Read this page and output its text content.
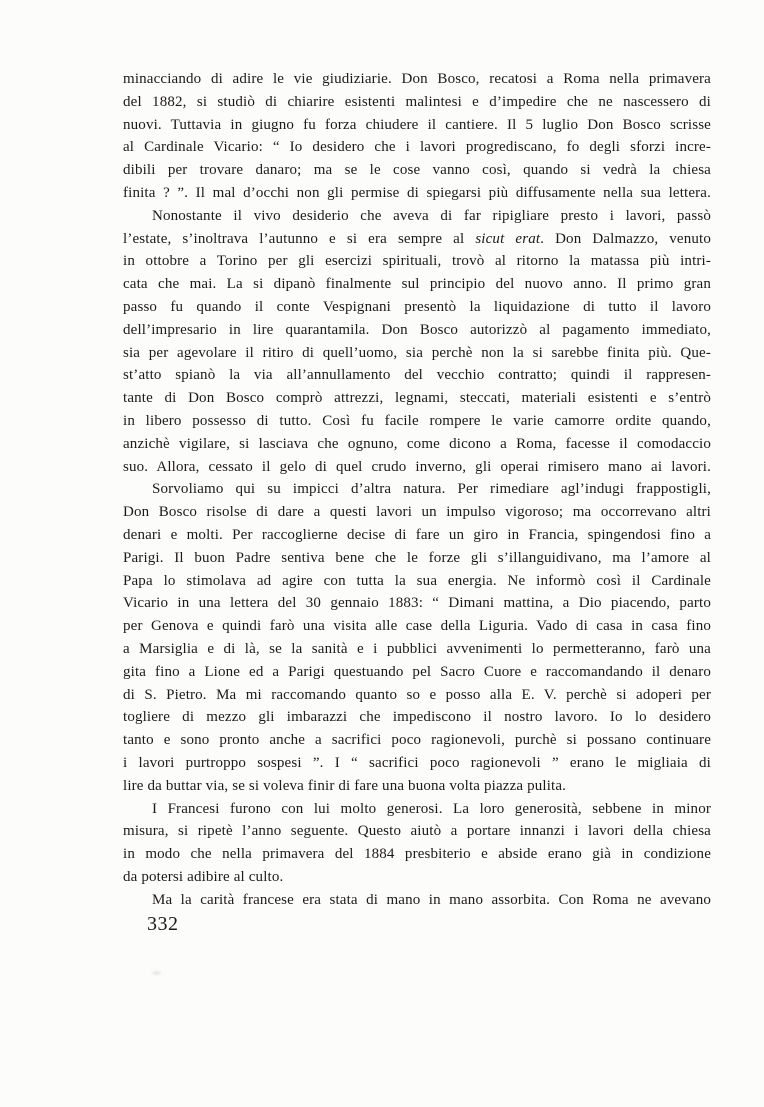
minacciando di adire le vie giudiziarie. Don Bosco, recatosi a Roma nella primavera
del 1882, si studiò di chiarire esistenti malintesi e d’impedire che ne nascessero di
nuovi. Tuttavia in giugno fu forza chiudere il cantiere. Il 5 luglio Don Bosco scrisse
al Cardinale Vicario: “ Io desidero che i lavori progrediscano, fo degli sforzi incre-
dibili per trovare danaro; ma se le cose vanno così, quando si vedrà la chiesa
finita ? ”. Il mal d’occhi non gli permise di spiegarsi più diffusamente nella sua lettera.
Nonostante il vivo desiderio che aveva di far ripigliare presto i lavori, passò
l’estate, s’inoltrava l’autunno e si era sempre al sicut erat. Don Dalmazzo, venuto
in ottobre a Torino per gli esercizi spirituali, trovò al ritorno la matassa più intri-
cata che mai. La si dipanò finalmente sul principio del nuovo anno. Il primo gran
passo fu quando il conte Vespignani presentò la liquidazione di tutto il lavoro
dell’impresario in lire quarantamila. Don Bosco autorizzò al pagamento immediato,
sia per agevolare il ritiro di quell’uomo, sia perchè non la si sarebbe finita più. Que-
st’atto spianò la via all’annullamento del vecchio contratto; quindi il rappresen-
tante di Don Bosco comprò attrezzi, legnami, steccati, materiali esistenti e s’entrò
in libero possesso di tutto. Così fu facile rompere le varie camorre ordite quando,
anzichè vigilare, si lasciava che ognuno, come dicono a Roma, facesse il comodaccio
suo. Allora, cessato il gelo di quel crudo inverno, gli operai rimisero mano ai lavori.
Sorvoliamo qui su impicci d’altra natura. Per rimediare agl’indugi frappostigli,
Don Bosco risolse di dare a questi lavori un impulso vigoroso; ma occorrevano altri
denari e molti. Per raccoglierne decise di fare un giro in Francia, spingendosi fino a
Parigi. Il buon Padre sentiva bene che le forze gli s’illanguidivano, ma l’amore al
Papa lo stimolava ad agire con tutta la sua energia. Ne informò così il Cardinale
Vicario in una lettera del 30 gennaio 1883: “ Dimani mattina, a Dio piacendo, parto
per Genova e quindi farò una visita alle case della Liguria. Vado di casa in casa fino
a Marsiglia e di là, se la sanità e i pubblici avvenimenti lo permetteranno, farò una
gita fino a Lione ed a Parigi questuando pel Sacro Cuore e raccomandando il denaro
di S. Pietro. Ma mi raccomando quanto so e posso alla E. V. perchè si adoperi per
togliere di mezzo gli imbarazzi che impediscono il nostro lavoro. Io lo desidero
tanto e sono pronto anche a sacrifici poco ragionevoli, purchè si possano continuare
i lavori purtroppo sospesi ”. I “ sacrifici poco ragionevoli ” erano le migliaia di
lire da buttar via, se si voleva finir di fare una buona volta piazza pulita.
I Francesi furono con lui molto generosi. La loro generosità, sebbene in minor
misura, si ripetè l’anno seguente. Questo aiutò a portare innanzi i lavori della chiesa
in modo che nella primavera del 1884 presbiterio e abside erano già in condizione
da potersi adibire al culto.
Ma la carità francese era stata di mano in mano assorbita. Con Roma ne avevano
332
